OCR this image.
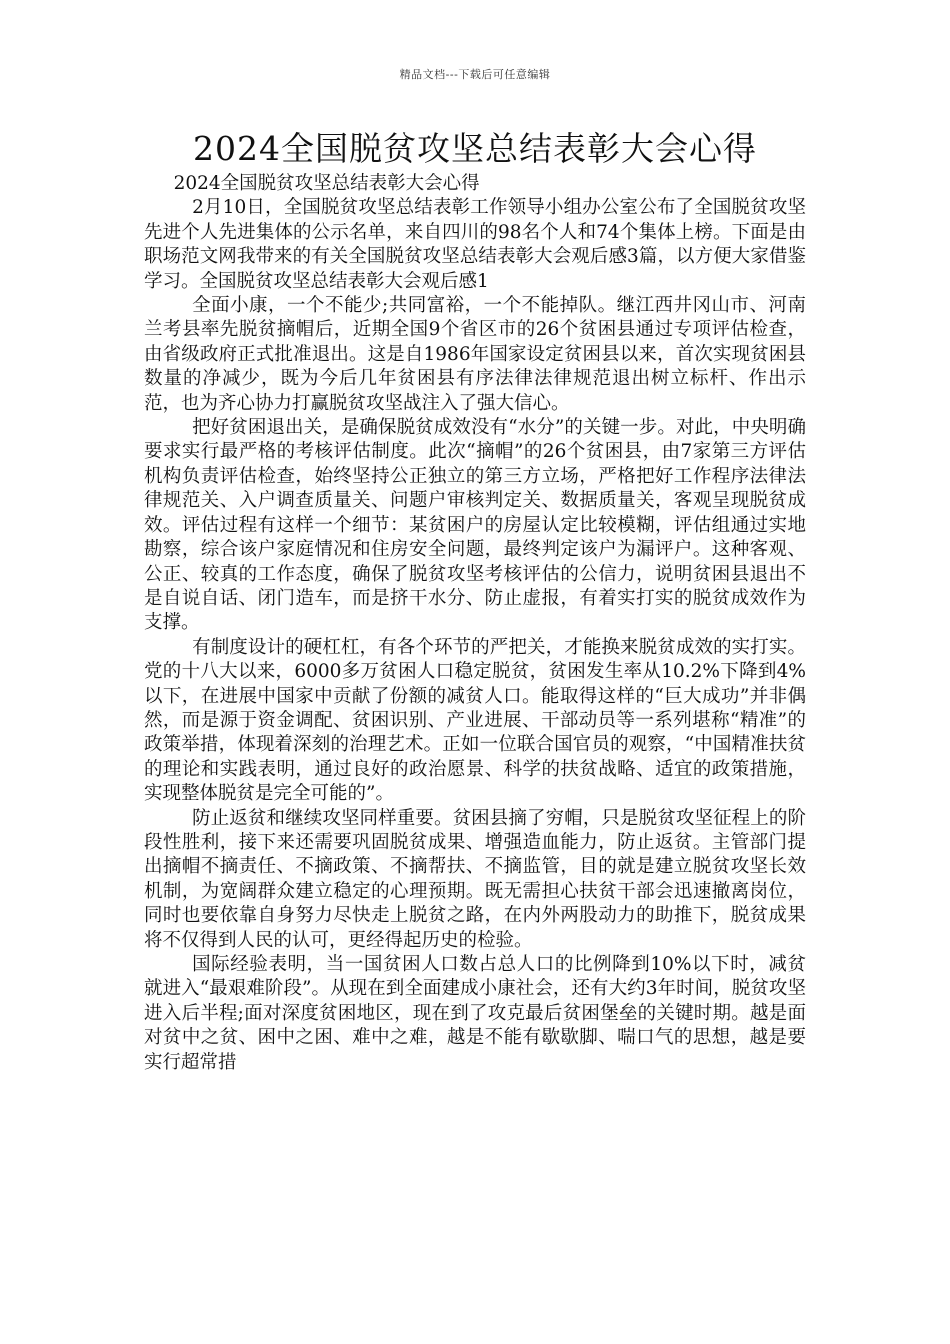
精品文档---下载后可任意编辑
2024全国脱贫攻坚总结表彰大会心得

2024全国脱贫攻坚总结表彰大会心得

2月10日，全国脱贫攻坚总结表彰工作领导小组办公室公布了全国脱贫攻坚先进个人先进集体的公示名单，来自四川的98名个人和74个集体上榜。下面是由职场范文网我带来的有关全国脱贫攻坚总结表彰大会观后感3篇，以方便大家借鉴学习。全国脱贫攻坚总结表彰大会观后感1

全面小康，一个不能少;共同富裕，一个不能掉队。继江西井冈山市、河南兰考县率先脱贫摘帽后，近期全国9个省区市的26个贫困县通过专项评估检查，由省级政府正式批准退出。这是自1986年国家设定贫困县以来，首次实现贫困县数量的净减少，既为今后几年贫困县有序法律法律规范退出树立标杆、作出示范，也为齐心协力打赢脱贫攻坚战注入了强大信心。

把好贫困退出关，是确保脱贫成效没有“水分”的关键一步。对此，中央明确要求实行最严格的考核评估制度。此次“摘帽”的26个贫困县，由7家第三方评估机构负责评估检查，始终坚持公正独立的第三方立场，严格把好工作程序法律法律规范关、入户调查质量关、问题户审核判定关、数据质量关，客观呈现脱贫成效。评估过程有这样一个细节：某贫困户的房屋认定比较模糊，评估组通过实地勘察，综合该户家庭情况和住房安全问题，最终判定该户为漏评户。这种客观、公正、较真的工作态度，确保了脱贫攻坚考核评估的公信力，说明贫困县退出不是自说自话、闭门造车，而是挤干水分、防止虚报，有着实打实的脱贫成效作为支撑。

有制度设计的硬杠杠，有各个环节的严把关，才能换来脱贫成效的实打实。党的十八大以来，6000多万贫困人口稳定脱贫，贫困发生率从10.2%下降到4%以下，在进展中国家中贡献了份额的减贫人口。能取得这样的“巨大成功”并非偶然，而是源于资金调配、贫困识别、产业进展、干部动员等一系列堪称“精准”的政策举措，体现着深刻的治理艺术。正如一位联合国官员的观察，“中国精准扶贫的理论和实践表明，通过良好的政治愿景、科学的扶贫战略、适宜的政策措施，实现整体脱贫是完全可能的”。

防止返贫和继续攻坚同样重要。贫困县摘了穷帽，只是脱贫攻坚征程上的阶段性胜利，接下来还需要巩固脱贫成果、增强造血能力，防止返贫。主管部门提出摘帽不摘责任、不摘政策、不摘帮扶、不摘监管，目的就是建立脱贫攻坚长效机制，为宽阔群众建立稳定的心理预期。既无需担心扶贫干部会迅速撤离岗位，同时也要依靠自身努力尽快走上脱贫之路，在内外两股动力的助推下，脱贫成果将不仅得到人民的认可，更经得起历史的检验。

国际经验表明，当一国贫困人口数占总人口的比例降到10%以下时，减贫就进入“最艰难阶段”。从现在到全面建成小康社会，还有大约3年时间，脱贫攻坚进入后半程;面对深度贫困地区，现在到了攻克最后贫困堡垒的关键时期。越是面对贫中之贫、困中之困、难中之难，越是不能有歇歇脚、喘口气的思想，越是要实行超常措
